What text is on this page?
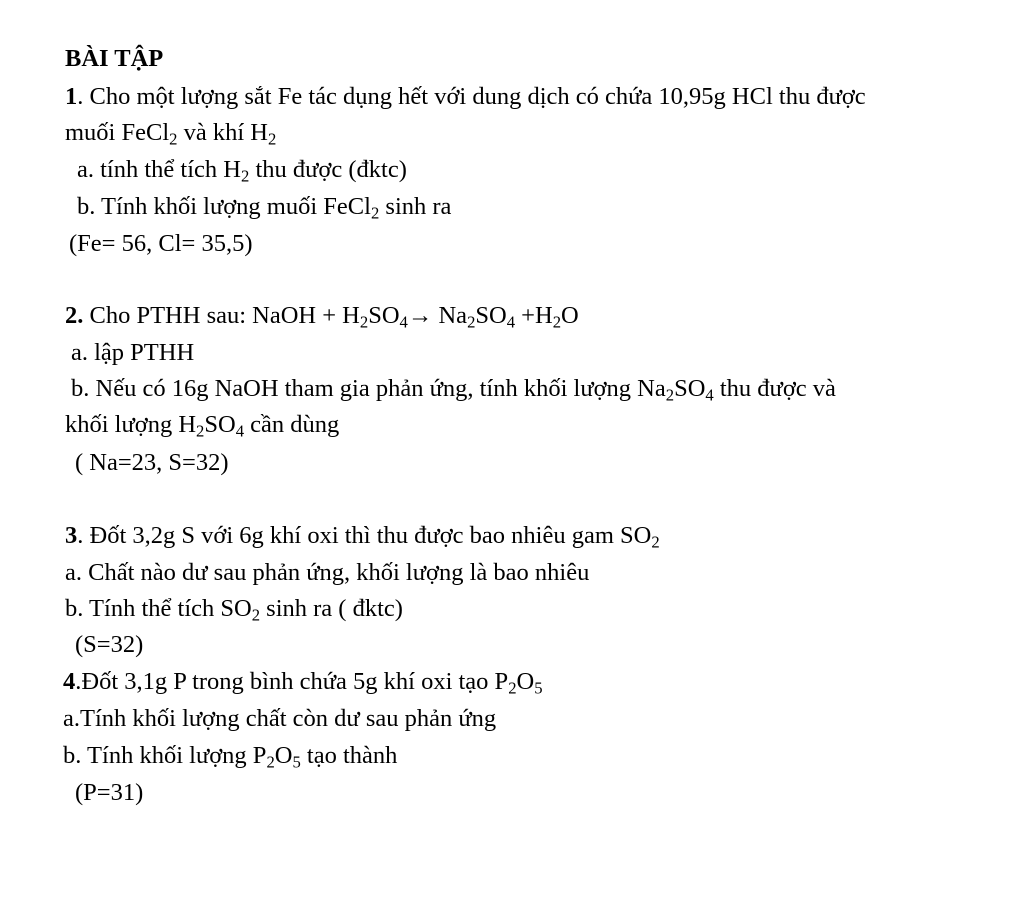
BÀI TẬP
1. Cho một lượng sắt Fe tác dụng hết với dung dịch có chứa 10,95g HCl thu được
muối FeCl$_2$ và khí $H_2$
a. tính thể tích $H_2$ thu được (đktc)
b. Tính khối lượng muối FeCl$_2$ sinh ra
(Fe= 56, Cl= 35,5)
2. Cho PTHH sau: NaOH + $H_2SO_4\to Na_2SO_4 +H_2O$
a. lập PTHH
b. Nếu có 16g NaOH tham gia phản ứng, tính khối lượng $Na_2SO_4$ thu được và
khối lượng $H_2SO_4$ cần dùng
( Na=23, S=32)
3. Đốt 3,2g S với 6g khí oxi thì thu được bao nhiêu gam $SO_2$
a. Chất nào dư sau phản ứng, khối lượng là bao nhiêu
b. Tính thể tích $SO_2$ sinh ra ( đktc)
(S=32)
4.Đốt 3,1g P trong bình chứa 5g khí oxi tạo $P_2O_5$
a.Tính khối lượng chất còn dư sau phản ứng
b. Tính khối lượng $P_2O_5$ tạo thành
(P=31)
